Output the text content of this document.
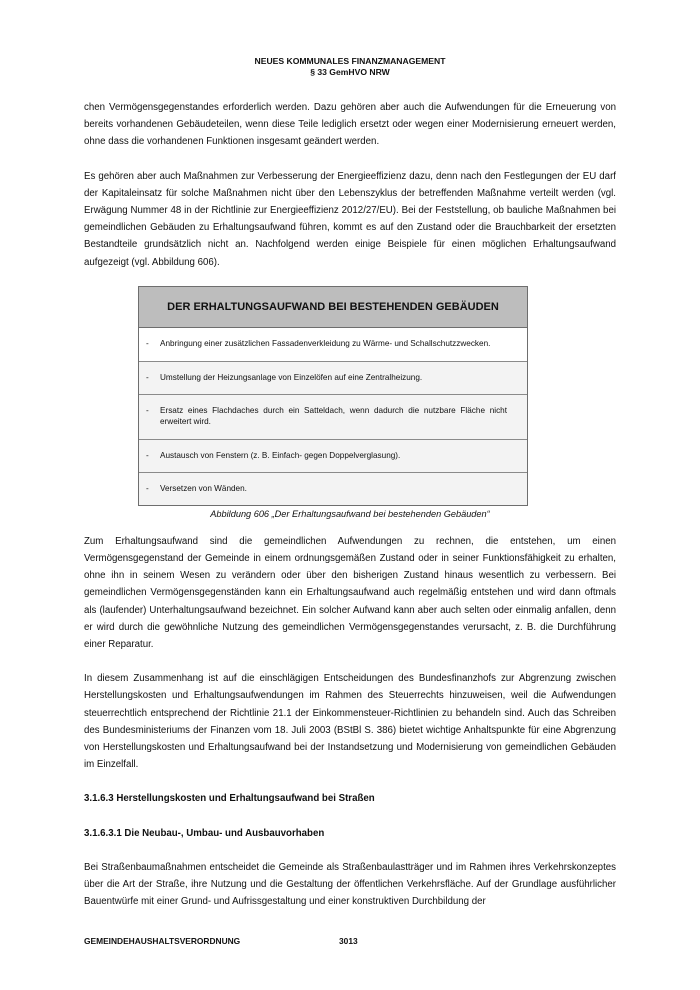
NEUES KOMMUNALES FINANZMANAGEMENT
§ 33 GemHVO NRW

chen Vermögensgegenstandes erforderlich werden. Dazu gehören aber auch die Aufwendungen für die Erneuerung von bereits vorhandenen Gebäudeteilen, wenn diese Teile lediglich ersetzt oder wegen einer Modernisierung erneuert werden, ohne dass die vorhandenen Funktionen insgesamt geändert werden.

Es gehören aber auch Maßnahmen zur Verbesserung der Energieeffizienz dazu, denn nach den Festlegungen der EU darf der Kapitaleinsatz für solche Maßnahmen nicht über den Lebenszyklus der betreffenden Maßnahme verteilt werden (vgl. Erwägung Nummer 48 in der Richtlinie zur Energieeffizienz 2012/27/EU). Bei der Feststellung, ob bauliche Maßnahmen bei gemeindlichen Gebäuden zu Erhaltungsaufwand führen, kommt es auf den Zustand oder die Brauchbarkeit der ersetzten Bestandteile grundsätzlich nicht an. Nachfolgend werden einige Beispiele für einen möglichen Erhaltungsaufwand aufgezeigt (vgl. Abbildung 606).

DER ERHALTUNGSAUFWAND BEI BESTEHENDEN GEBÄUDEN
-	Anbringung einer zusätzlichen Fassadenverkleidung zu Wärme- und Schallschutzzwecken.
-	Umstellung der Heizungsanlage von Einzelöfen auf eine Zentralheizung.
-	Ersatz eines Flachdaches durch ein Satteldach, wenn dadurch die nutzbare Fläche nicht erweitert wird.
-	Austausch von Fenstern (z. B. Einfach- gegen Doppelverglasung).
-	Versetzen von Wänden.
Abbildung 606 „Der Erhaltungsaufwand bei bestehenden Gebäuden“

Zum Erhaltungsaufwand sind die gemeindlichen Aufwendungen zu rechnen, die entstehen, um einen Vermögensgegenstand der Gemeinde in einem ordnungsgemäßen Zustand oder in seiner Funktionsfähigkeit zu erhalten, ohne ihn in seinem Wesen zu verändern oder über den bisherigen Zustand hinaus wesentlich zu verbessern. Bei gemeindlichen Vermögensgegenständen kann ein Erhaltungsaufwand auch regelmäßig entstehen und wird dann oftmals als (laufender) Unterhaltungsaufwand bezeichnet. Ein solcher Aufwand kann aber auch selten oder einmalig anfallen, denn er wird durch die gewöhnliche Nutzung des gemeindlichen Vermögensgegenstandes verursacht, z. B. die Durchführung einer Reparatur.

In diesem Zusammenhang ist auf die einschlägigen Entscheidungen des Bundesfinanzhofs zur Abgrenzung zwischen Herstellungskosten und Erhaltungsaufwendungen im Rahmen des Steuerrechts hinzuweisen, weil die Aufwendungen steuerrechtlich entsprechend der Richtlinie 21.1 der Einkommensteuer-Richtlinien zu behandeln sind. Auch das Schreiben des Bundesministeriums der Finanzen vom 18. Juli 2003 (BStBl S. 386) bietet wichtige Anhaltspunkte für eine Abgrenzung von Herstellungskosten und Erhaltungsaufwand bei der Instandsetzung und Modernisierung von gemeindlichen Gebäuden im Einzelfall.

3.1.6.3 Herstellungskosten und Erhaltungsaufwand bei Straßen
3.1.6.3.1 Die Neubau-, Umbau- und Ausbauvorhaben

Bei Straßenbaumaßnahmen entscheidet die Gemeinde als Straßenbaulastträger und im Rahmen ihres Verkehrskonzeptes über die Art der Straße, ihre Nutzung und die Gestaltung der öffentlichen Verkehrsfläche. Auf der Grundlage ausführlicher Bauentwürfe mit einer Grund- und Aufrissgestaltung und einer konstruktiven Durchbildung der

GEMEINDEHAUSHALTSVERORDNUNG	3013
